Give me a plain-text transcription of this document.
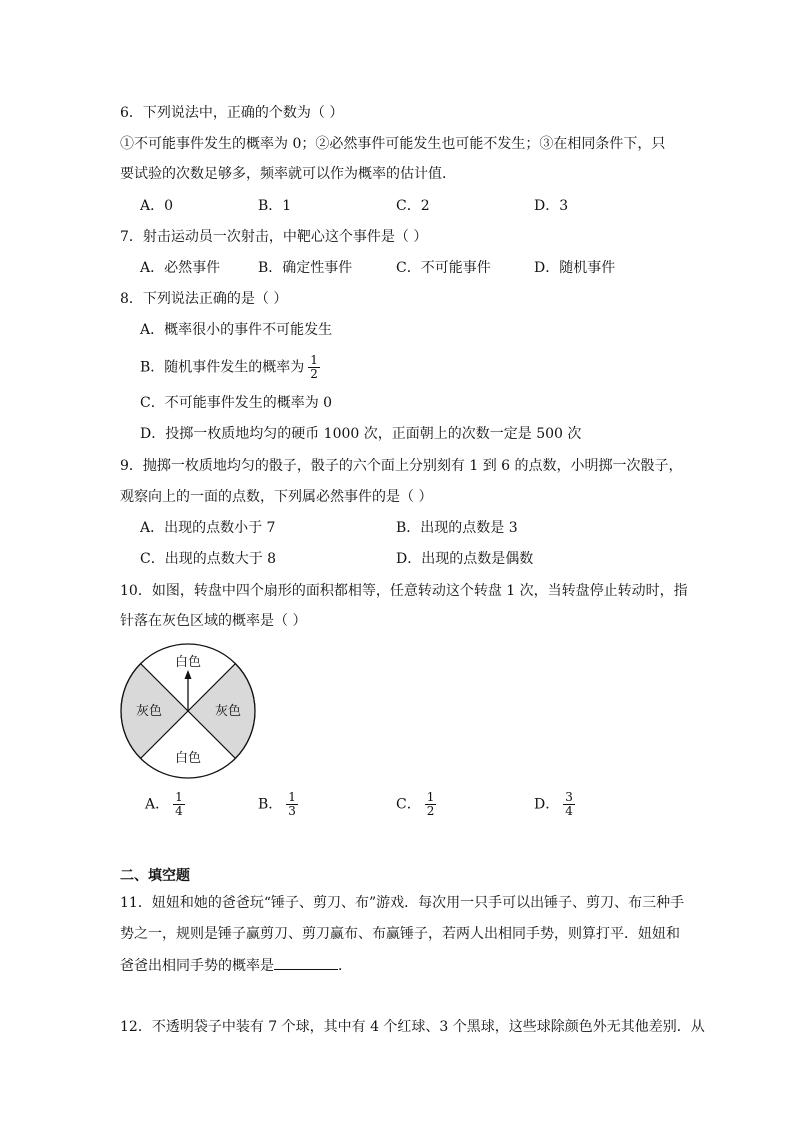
6．下列说法中，正确的个数为（ ）
①不可能事件发生的概率为 0；②必然事件可能发生也可能不发生；③在相同条件下，只
要试验的次数足够多，频率就可以作为概率的估计值．
A．0	B．1	C．2	D．3
7．射击运动员一次射击，中靶心这个事件是（ ）
A．必然事件	B．确定性事件	C．不可能事件	D．随机事件
8．下列说法正确的是（ ）
A．概率很小的事件不可能发生
B．随机事件发生的概率为 $\frac{1}{2}$
C．不可能事件发生的概率为 0
D．投掷一枚质地均匀的硬币 1000 次，正面朝上的次数一定是 500 次
9．抛掷一枚质地均匀的骰子，骰子的六个面上分别刻有 1 到 6 的点数，小明掷一次骰子，
观察向上的一面的点数，下列属必然事件的是（ ）
A．出现的点数小于 7	B．出现的点数是 3
C．出现的点数大于 8	D．出现的点数是偶数
10．如图，转盘中四个扇形的面积都相等，任意转动这个转盘 1 次，当转盘停止转动时，指
针落在灰色区域的概率是（ ）
白色
灰色	灰色
白色
A． $\frac{1}{4}$	B． $\frac{1}{3}$	C． $\frac{1}{2}$	D． $\frac{3}{4}$
二、填空题
11．妞妞和她的爸爸玩“锤子、剪刀、布”游戏．每次用一只手可以出锤子、剪刀、布三种手
势之一，规则是锤子赢剪刀、剪刀赢布、布赢锤子，若两人出相同手势，则算打平．妞妞和
爸爸出相同手势的概率是	．
12．不透明袋子中装有 7 个球，其中有 4 个红球、3 个黑球，这些球除颜色外无其他差别．从
